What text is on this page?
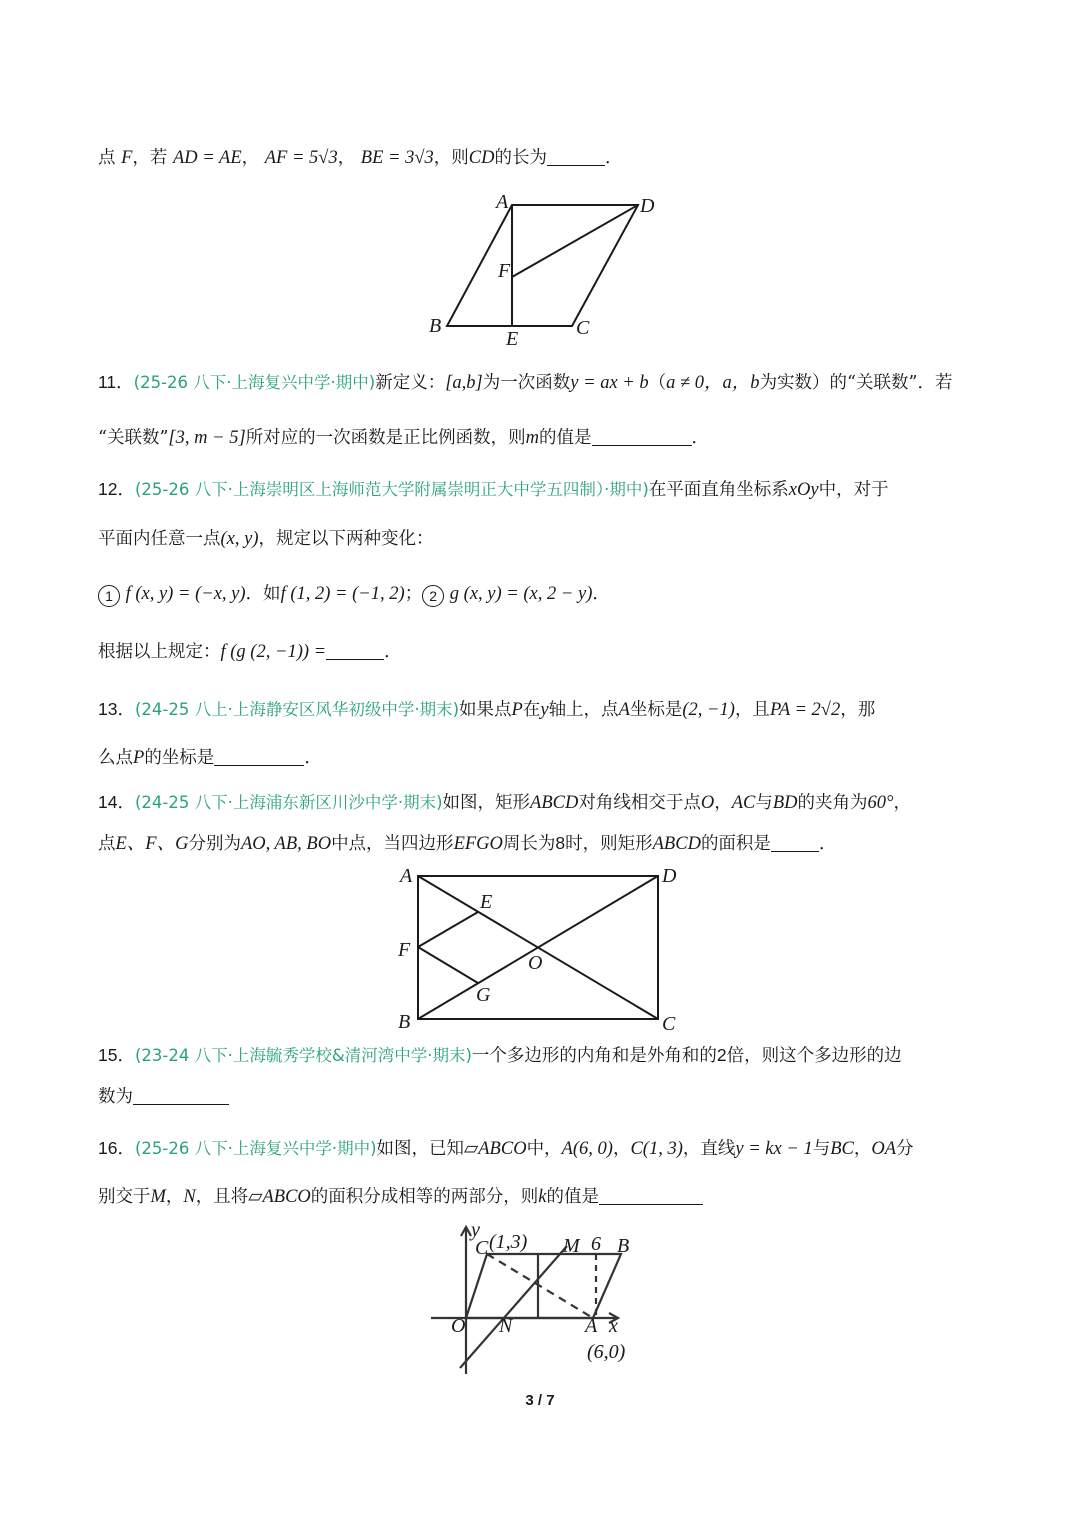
点 F，若 AD = AE， AF = 5√3， BE = 3√3，则CD的长为	．
A	D
F
B	C
E
11．(25-26 八下·上海复兴中学·期中)新定义：[a,b]为一次函数y = ax + b（a ≠ 0，a，b为实数）的“关联数”．若
“关联数”[3, m − 5]所对应的一次函数是正比例函数，则m的值是	．
12．(25-26 八下·上海崇明区上海师范大学附属崇明正大中学五四制）·期中)在平面直角坐标系xOy中，对于
平面内任意一点(x, y)，规定以下两种变化：
1 f (x, y) = (−x, y)．如f (1, 2) = (−1, 2)； 2 g (x, y) = (x, 2 − y)．
根据以上规定：f (g (2, −1)) =	．
13．(24-25 八上·上海静安区风华初级中学·期末)如果点P在y轴上，点A坐标是(2, −1)，且PA = 2√2，那
么点P的坐标是	．
14．(24-25 八下·上海浦东新区川沙中学·期末)如图，矩形ABCD对角线相交于点O，AC与BD的夹角为60°，
点E、F、G分别为AO, AB, BO中点，当四边形EFGO周长为8时，则矩形ABCD的面积是	．
A	D
E
F
O
G
B	C
15．(23-24 八下·上海毓秀学校&清河湾中学·期末)一个多边形的内角和是外角和的2倍，则这个多边形的边
数为
16．(25-26 八下·上海复兴中学·期中)如图，已知▱ABCO中，A(6, 0)，C(1, 3)，直线y = kx − 1与BC，OA分
别交于M，N，且将▱ABCO的面积分成相等的两部分，则k的值是
y
C (1,3) M 6 B
O N	A x
(6,0)
3 / 7
